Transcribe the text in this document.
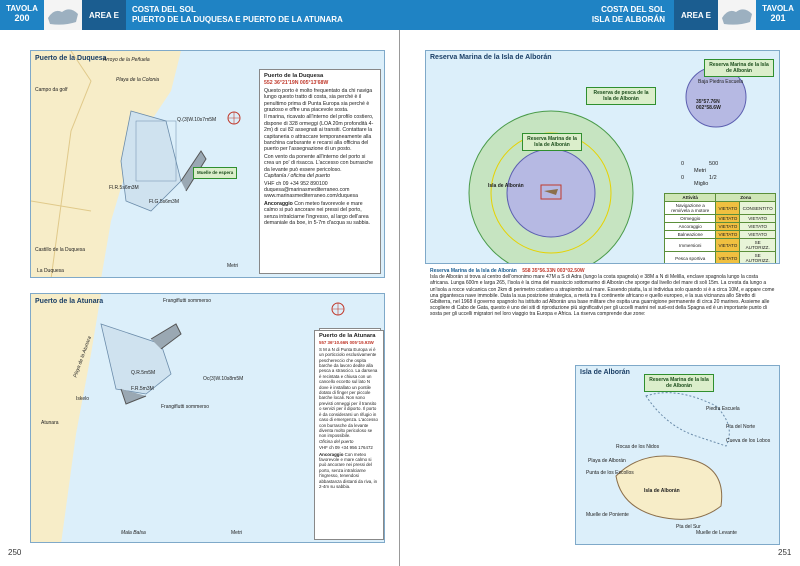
TAVOLA
200	AREA E
COSTA DEL SOL
PUERTO DE LA DUQUESA E PUERTO DE LA ATUNARA
Puerto de la Duquesa
Arroyo de la Peñuela
Playa de la Colonia
Campo da golf
Castillo de la Duquesa
La Duquesa
Muelle de espera
Fl.R.5s6m3M
Fl.G.5s6m3M
Q.(3)W.10s7m5M
Metri
Puerto de la Duquesa
552 36°21'19N 005°13'68W
Questo porto è molto frequentato da chi naviga lungo questo tratto di costa, sia perché è il penultimo prima di Punta Europa sia perché è grazioso e offre una piacevole sosta.
Il marina, ricavato all'interno del profilo costiero, dispone di 328 ormeggi (LOA 20m profondità 4-2m) di cui 82 assegnati ai transiti. Contattare la capitaneria o attraccare temporaneamente alla banchina carburante e recarsi alla officina del puerto per l'assegnazione di un posto.
Con vento da ponente all'interno del porto si crea un po' di risacca. L'accesso con burrasche da levante può essere pericoloso.
Capitanía / oficina del puerto
VHF ch 09 +34 952 890100 duquesa@marinasmediterraneo.com www.marinasmediterraneo.com/duquesa
Ancoraggio Con meteo favorevole e mare calmo si può ancorare nei pressi del porto, senza intralciarne l'ingresso, al largo dell'area demaniale da boe, in 5-7m d'acqua su sabbia.
Puerto de la Atunara
Playa de la Atunara
Frangiflutti sommerso
Frangiflutti sommerso
Atunara
Iskelo
Mala Balsa
Oc(3)W.10s8m5M
Q.R.5m5M
F.R.5m3M
Metri
Puerto de la Atunara
557 36°10.66N 005°19.93W
S M a N di Punta Europa vi è un porticciolo esclusivamente peschereccio che ospita barche da lavoro dedite alla pesca a strascico. La darsena è recintata e chiusa con un cancello eccetto sul lato N dove è installato un pontile dotato di finger per piccole barche locali. Non sono previsti ormeggi per il transito o servizi per il diporto. Il porto è da considerarsi un rifugio in caso di emergenza. L'accesso con burrasche da levante diventa molto pericoloso se non impossibile.
Oficina del puerto
VHF ch 09 +34 956 176472
Ancoraggio Con meteo favorevole e mare calmo si può ancorare nei pressi del porto, senza intralciarne l'ingresso, tenendosi abbastanza distanti da riva, in 2-4m su sabbia.
250
COSTA DEL SOL
ISLA DE ALBORÁN	AREA E
TAVOLA
201
Reserva Marina de la Isla de Alborán
Reserva Marina de la Isla de Alborán
Reserva de pesca de la Isla de Alborán
Reserva Marina de la Isla de Alborán
Baja Piedra Escuela
35°57.76N 002°58.6W
Isla de Alborán
0	500
Metri
0	1/2
Miglio
Attività	Zona	
Navigazione a remi/vela a motore	VIETATO	CONSENTITO
Ormeggio	VIETATO	VIETATO
Ancoraggio	VIETATO	VIETATO
Balneazione	VIETATO	VIETATO
Immersioni	VIETATO	SE AUTORIZZ.
Pesca sportiva	VIETATO	SE AUTORIZZ.
Reserva Marina de la Isla de Alborán 558 35°56.33N 003°02.50W
Isla de Alborán si trova al centro dell'omonimo mare 47M a S di Adra (lungo la costa spagnola) e 38M a N di Melilla, enclave spagnola lungo la costa africana. Lunga 600m e larga 265, l'isola è la cima del massiccio sottomarino di Alborán che sporge dal livello del mare di soli 15m. La cresta da lungo a un'isola a rocce vulcanica con 2km di perimetro costiero a strapiombo sul mare. Essendo piatta, la si individua solo quando si è a circa 10M, e appare come una gigantesca nave immobile. Data la sua posizione strategica, a metà tra il continente africano e quello europeo, e la sua vicinanza allo Stretto di Gibilterra, nel 1968 il governo spagnolo ha istituito ad Alborán una base militare che ospita una guarnigione permanente di circa 20 marines. Assieme alle scogliere di Cabo de Gata, questo è uno dei siti di riproduzione più significativi per gli uccelli marini nel sud-est della Spagna ed è un importante punto di sosta per gli uccelli migratori nel loro viaggio tra Europa e Africa. La riserva comprende due zone:
Isla de Alborán
Reserva Marina de la Isla de Alborán
Piedra Escuela
Playa de Alborán
Isla de Alborán
Rocas de los Nidos
Punta de los Escollos
Muelle de Poniente
Muelle de Levante
Pta del Norte
Pta del Sur
Cueva de los Lobos
251
